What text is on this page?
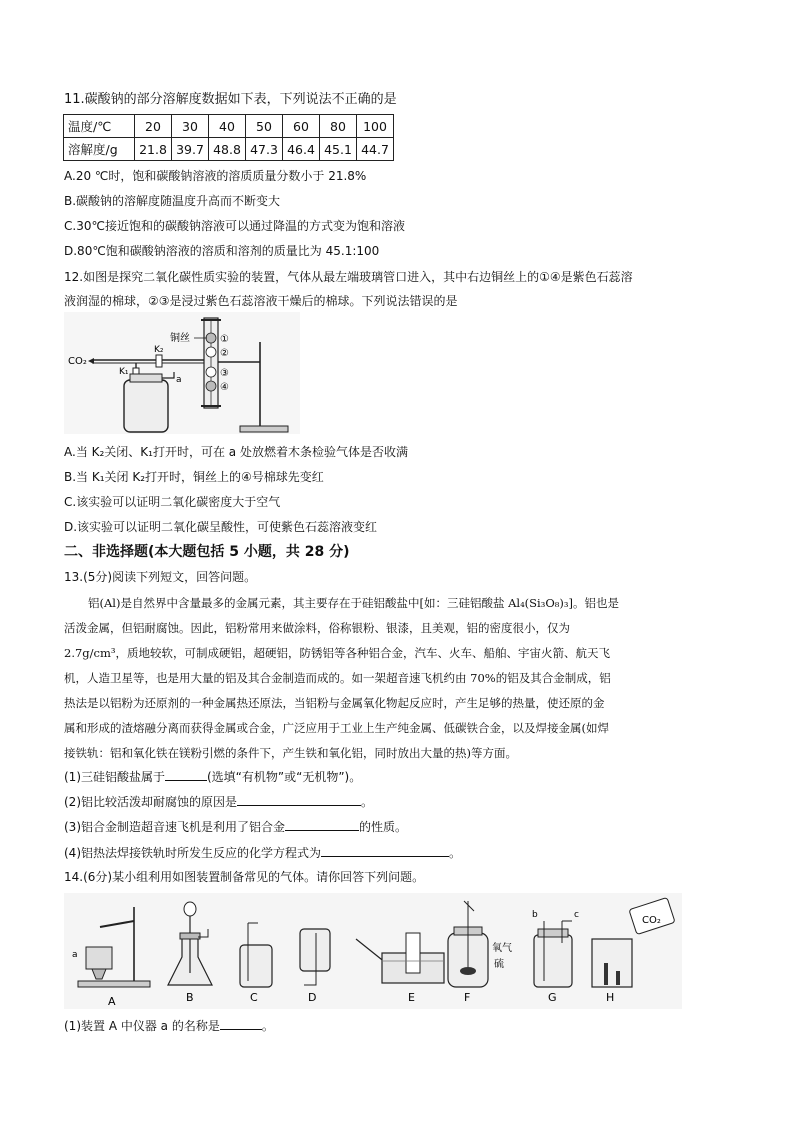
11.碳酸钠的部分溶解度数据如下表，下列说法不正确的是
温度/℃	20	30	40	50	60	80	100
溶解度/g	21.8	39.7	48.8	47.3	46.4	45.1	44.7
A.20 ℃时，饱和碳酸钠溶液的溶质质量分数小于 21.8%
B.碳酸钠的溶解度随温度升高而不断变大
C.30℃接近饱和的碳酸钠溶液可以通过降温的方式变为饱和溶液
D.80℃饱和碳酸钠溶液的溶质和溶剂的质量比为 45.1:100
12.如图是探究二氧化碳性质实验的装置，气体从最左端玻璃管口进入，其中右边铜丝上的①④是紫色石蕊溶
液润湿的棉球，②③是浸过紫色石蕊溶液干燥后的棉球。下列说法错误的是
CO₂
K₂
K₁
a
铜丝	①
②
③
④
A.当 K₂关闭、K₁打开时，可在 a 处放燃着木条检验气体是否收满
B.当 K₁关闭 K₂打开时，铜丝上的④号棉球先变红
C.该实验可以证明二氧化碳密度大于空气
D.该实验可以证明二氧化碳呈酸性，可使紫色石蕊溶液变红
二、非选择题(本大题包括 5 小题，共 28 分)
13.(5分)阅读下列短文，回答问题。
铝(Al)是自然界中含量最多的金属元素，其主要存在于硅铝酸盐中[如：三硅铝酸盐 Al₄(Si₃O₈)₃]。铝也是
活泼金属，但铝耐腐蚀。因此，铝粉常用来做涂料，俗称银粉、银漆，且美观，铝的密度很小，仅为
2.7g/cm³，质地较软，可制成硬铝，超硬铝，防锈铝等各种铝合金，汽车、火车、船舶、宇宙火箭、航天飞
机，人造卫星等，也是用大量的铝及其合金制造而成的。如一架超音速飞机约由 70%的铝及其合金制成，铝
热法是以铝粉为还原剂的一种金属热还原法，当铝粉与金属氧化物起反应时，产生足够的热量，使还原的金
属和形成的渣熔融分离而获得金属或合金，广泛应用于工业上生产纯金属、低碳铁合金，以及焊接金属(如焊
接铁轨：铝和氧化铁在镁粉引燃的条件下，产生铁和氧化铝，同时放出大量的热)等方面。
(1)三硅铝酸盐属于	(选填“有机物”或“无机物”)。
(2)铝比较活泼却耐腐蚀的原因是	。
(3)铝合金制造超音速飞机是利用了铝合金	的性质。
(4)铝热法焊接铁轨时所发生反应的化学方程式为	。
14.(6分)某小组利用如图装置制备常见的气体。请你回答下列问题。
a
氧气
硫
b	c	CO₂
A	B	C	D	E	F	G	H
(1)装置 A 中仪器 a 的名称是	。
